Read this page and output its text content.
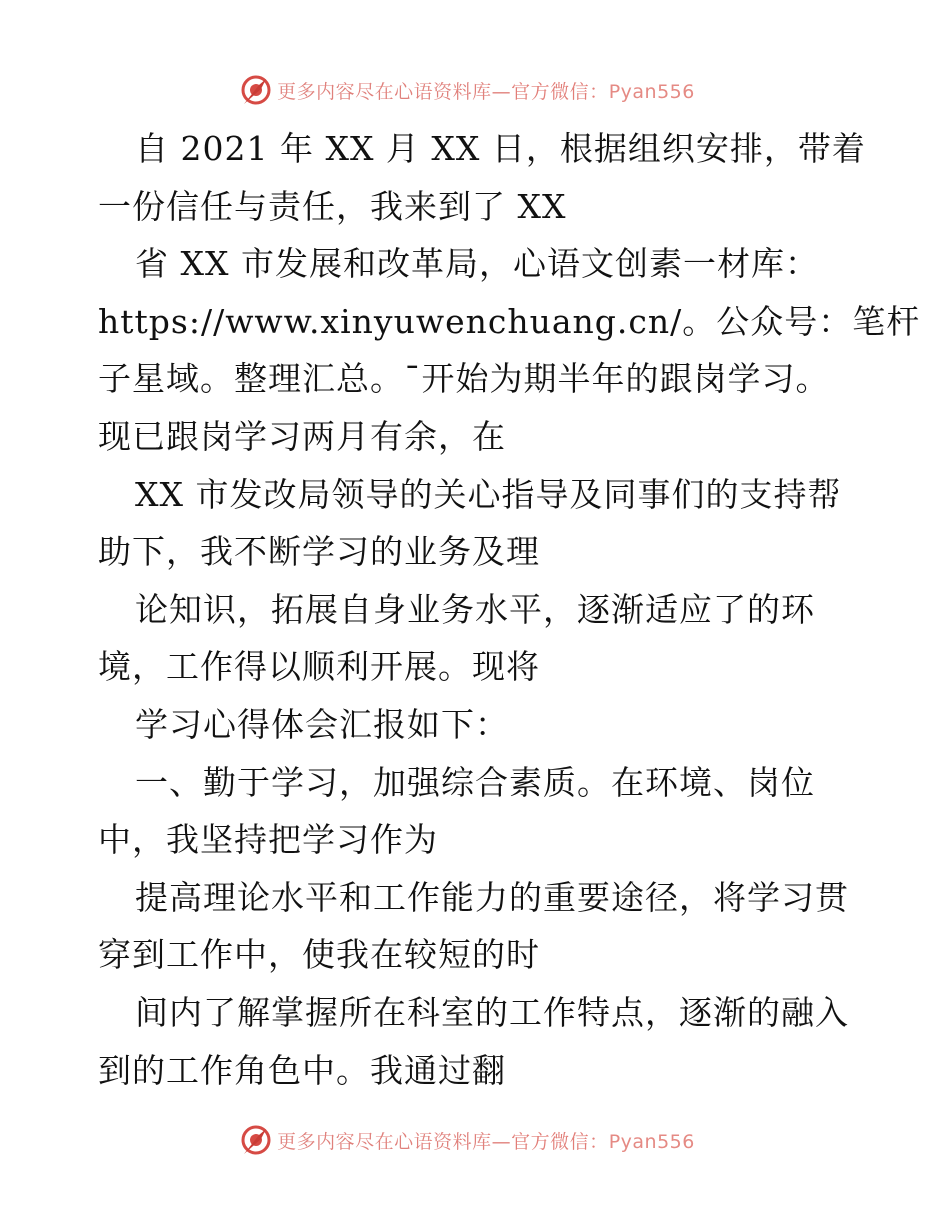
更多内容尽在心语资料库—官方微信：Pyan556
自 2021 年 XX 月 XX 日，根据组织安排，带着
一份信任与责任，我来到了 XX
省 XX 市发展和改革局，心语文创素一材库：
https://www.xinyuwenchuang.cn/。公众号：笔杆
子星域。整理汇总。¯开始为期半年的跟岗学习。
现已跟岗学习两月有余，在
XX 市发改局领导的关心指导及同事们的支持帮
助下，我不断学习的业务及理
论知识，拓展自身业务水平，逐渐适应了的环
境，工作得以顺利开展。现将
学习心得体会汇报如下：
一、勤于学习，加强综合素质。在环境、岗位
中，我坚持把学习作为
提高理论水平和工作能力的重要途径，将学习贯
穿到工作中，使我在较短的时
间内了解掌握所在科室的工作特点，逐渐的融入
到的工作角色中。我通过翻
更多内容尽在心语资料库—官方微信：Pyan556
